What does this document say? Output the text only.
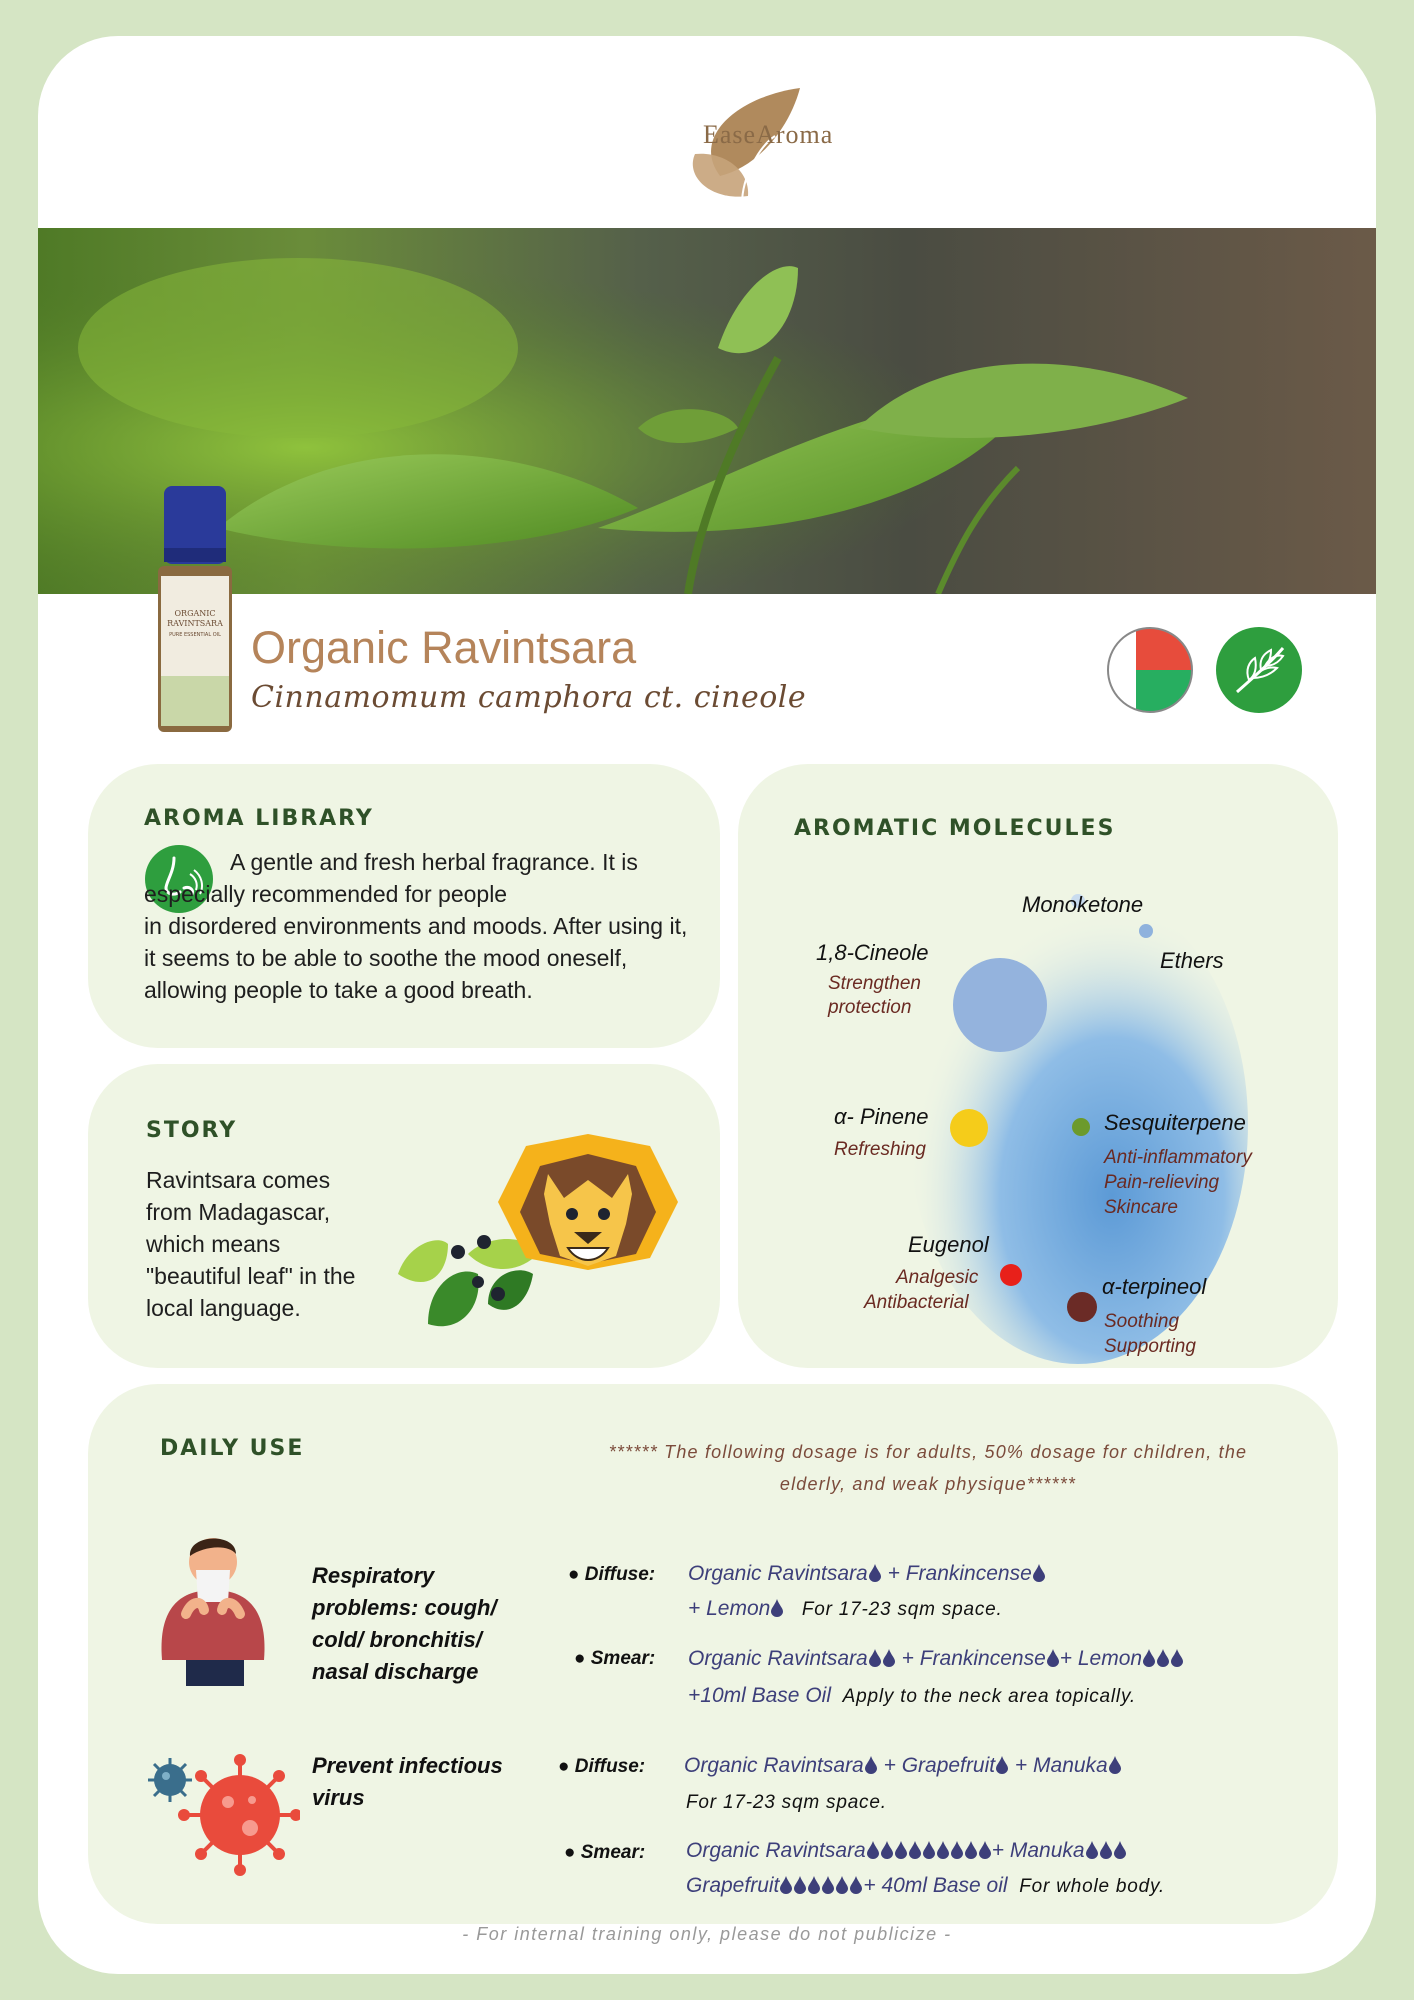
EaseAroma
ORGANIC
RAVINTSARA
PURE ESSENTIAL OIL Organic Ravintsara
Cinnamomum camphora ct. cineole
AROMA LIBRARY
A gentle and fresh herbal fragrance. It is especially recommended for people
in disordered environments and moods. After using it, it seems to be able to soothe the mood oneself, allowing people to take a good breath.
STORY
Ravintsara comes from Madagascar, which means "beautiful leaf" in the local language.
AROMATIC MOLECULES
Monoketone
Ethers
1,8-Cineole
Strengthen
protection
α- Pinene
Refreshing
Sesquiterpene
Anti-inflammatory
Pain-relieving
Skincare
Eugenol
Analgesic
Antibacterial
α-terpineol
Soothing
Supporting
DAILY USE	****** The following dosage is for adults, 50% dosage for children, the elderly, and weak physique******
Respiratory problems: cough/ cold/ bronchitis/ nasal discharge
Prevent infectious virus
● Diffuse: Organic Ravintsara + Frankincense
+ Lemon For 17-23 sqm space.
● Smear: Organic Ravintsara + Frankincense + Lemon
+10ml Base Oil Apply to the neck area topically.
● Diffuse: Organic Ravintsara + Grapefruit + Manuka
For 17-23 sqm space.
● Smear: Organic Ravintsara	+ Manuka
Grapefruit	+ 40ml Base oil For whole body.
- For internal training only, please do not publicize -
